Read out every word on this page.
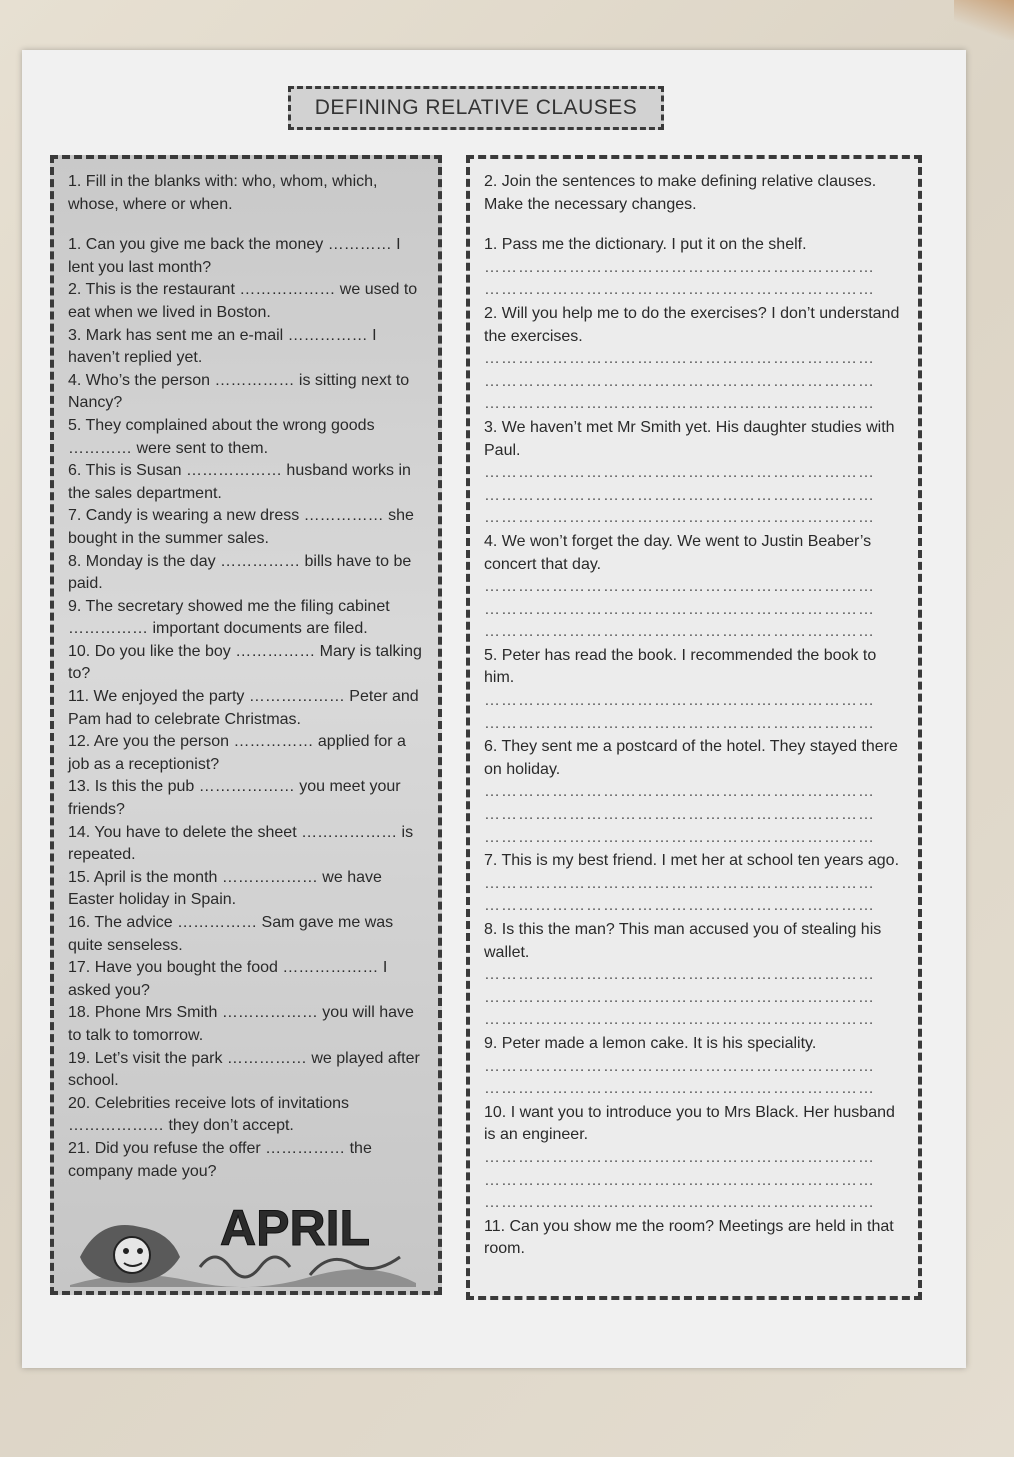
DEFINING RELATIVE CLAUSES

1. Fill in the blanks with: who, whom, which, whose, where or when.

1. Can you give me back the money ………… I lent you last month?

2. This is the restaurant ……………… we used to eat when we lived in Boston.

3. Mark has sent me an e-mail …………… I haven’t replied yet.

4. Who’s the person …………… is sitting next to Nancy?

5. They complained about the wrong goods ………… were sent to them.

6. This is Susan ……………… husband works in the sales department.

7. Candy is wearing a new dress …………… she bought in the summer sales.

8. Monday is the day …………… bills have to be paid.

9. The secretary showed me the filing cabinet …………… important documents are filed.

10. Do you like the boy …………… Mary is talking to?

11. We enjoyed the party ……………… Peter and Pam had to celebrate Christmas.

12. Are you the person …………… applied for a job as a receptionist?

13. Is this the pub ……………… you meet your friends?

14. You have to delete the sheet ……………… is repeated.

15. April is the month ……………… we have Easter holiday in Spain.

16. The advice …………… Sam gave me was quite senseless.

17. Have you bought the food ……………… I asked you?

18. Phone Mrs Smith ……………… you will have to talk to tomorrow.

19. Let’s visit the park …………… we played after school.

20. Celebrities receive lots of invitations ……………… they don’t accept.

21. Did you refuse the offer …………… the company made you?

APRIL

2. Join the sentences to make defining relative clauses. Make the necessary changes.

1. Pass me the dictionary. I put it on the shelf.

……………………………………………………………
……………………………………………………………

2. Will you help me to do the exercises? I don’t understand the exercises.

……………………………………………………………
……………………………………………………………
……………………………………………………………

3. We haven’t met Mr Smith yet. His daughter studies with Paul.

……………………………………………………………
……………………………………………………………
……………………………………………………………

4. We won’t forget the day. We went to Justin Beaber’s concert that day.

……………………………………………………………
……………………………………………………………
……………………………………………………………

5. Peter has read the book. I recommended the book to him.

……………………………………………………………
……………………………………………………………

6. They sent me a postcard of the hotel. They stayed there on holiday.

……………………………………………………………
……………………………………………………………
……………………………………………………………

7. This is my best friend. I met her at school ten years ago.

……………………………………………………………
……………………………………………………………

8. Is this the man? This man accused you of stealing his wallet.

……………………………………………………………
……………………………………………………………
……………………………………………………………

9. Peter made a lemon cake. It is his speciality.

……………………………………………………………
……………………………………………………………

10. I want you to introduce you to Mrs Black. Her husband is an engineer.

……………………………………………………………
……………………………………………………………
……………………………………………………………

11. Can you show me the room? Meetings are held in that room.
